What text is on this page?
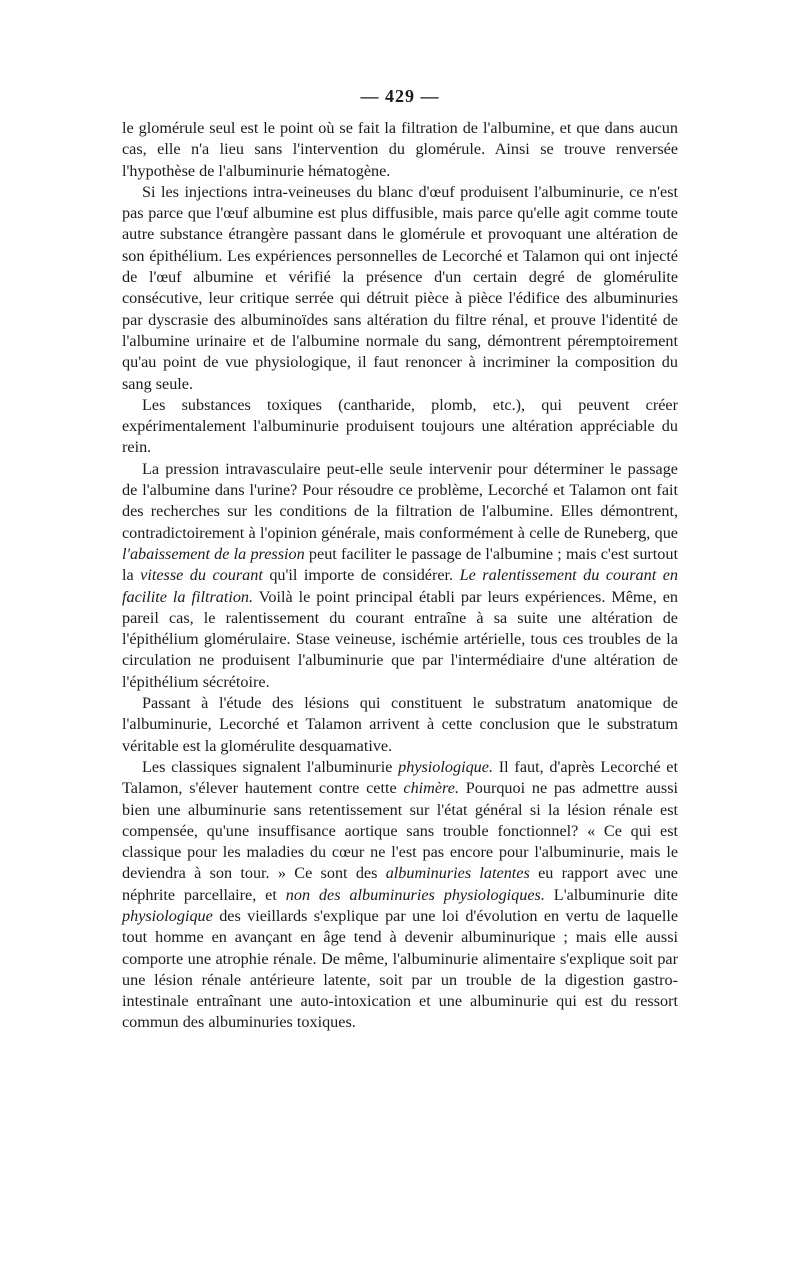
— 429 —

le glomérule seul est le point où se fait la filtration de l'albumine, et que dans aucun cas, elle n'a lieu sans l'intervention du glomérule. Ainsi se trouve renversée l'hypothèse de l'albuminurie hématogène.

Si les injections intra-veineuses du blanc d'œuf produisent l'albuminurie, ce n'est pas parce que l'œuf albumine est plus diffusible, mais parce qu'elle agit comme toute autre substance étrangère passant dans le glomérule et provoquant une altération de son épithélium. Les expériences personnelles de Lecorché et Talamon qui ont injecté de l'œuf albumine et vérifié la présence d'un certain degré de glomérulite consécutive, leur critique serrée qui détruit pièce à pièce l'édifice des albuminuries par dyscrasie des albuminoïdes sans altération du filtre rénal, et prouve l'identité de l'albumine urinaire et de l'albumine normale du sang, démontrent péremptoirement qu'au point de vue physiologique, il faut renoncer à incriminer la composition du sang seule.

Les substances toxiques (cantharide, plomb, etc.), qui peuvent créer expérimentalement l'albuminurie produisent toujours une altération appréciable du rein.

La pression intravasculaire peut-elle seule intervenir pour déterminer le passage de l'albumine dans l'urine? Pour résoudre ce problème, Lecorché et Talamon ont fait des recherches sur les conditions de la filtration de l'albumine. Elles démontrent, contradictoirement à l'opinion générale, mais conformément à celle de Runeberg, que l'abaissement de la pression peut faciliter le passage de l'albumine ; mais c'est surtout la vitesse du courant qu'il importe de considérer. Le ralentissement du courant en facilite la filtration. Voilà le point principal établi par leurs expériences. Même, en pareil cas, le ralentissement du courant entraîne à sa suite une altération de l'épithélium glomérulaire. Stase veineuse, ischémie artérielle, tous ces troubles de la circulation ne produisent l'albuminurie que par l'intermédiaire d'une altération de l'épithélium sécrétoire.

Passant à l'étude des lésions qui constituent le substratum anatomique de l'albuminurie, Lecorché et Talamon arrivent à cette conclusion que le substratum véritable est la glomérulite desquamative.

Les classiques signalent l'albuminurie physiologique. Il faut, d'après Lecorché et Talamon, s'élever hautement contre cette chimère. Pourquoi ne pas admettre aussi bien une albuminurie sans retentissement sur l'état général si la lésion rénale est compensée, qu'une insuffisance aortique sans trouble fonctionnel? « Ce qui est classique pour les maladies du cœur ne l'est pas encore pour l'albuminurie, mais le deviendra à son tour. » Ce sont des albuminuries latentes eu rapport avec une néphrite parcellaire, et non des albuminuries physiologiques. L'albuminurie dite physiologique des vieillards s'explique par une loi d'évolution en vertu de laquelle tout homme en avançant en âge tend à devenir albuminurique ; mais elle aussi comporte une atrophie rénale. De même, l'albuminurie alimentaire s'explique soit par une lésion rénale antérieure latente, soit par un trouble de la digestion gastro-intestinale entraînant une auto-intoxication et une albuminurie qui est du ressort commun des albuminuries toxiques.
